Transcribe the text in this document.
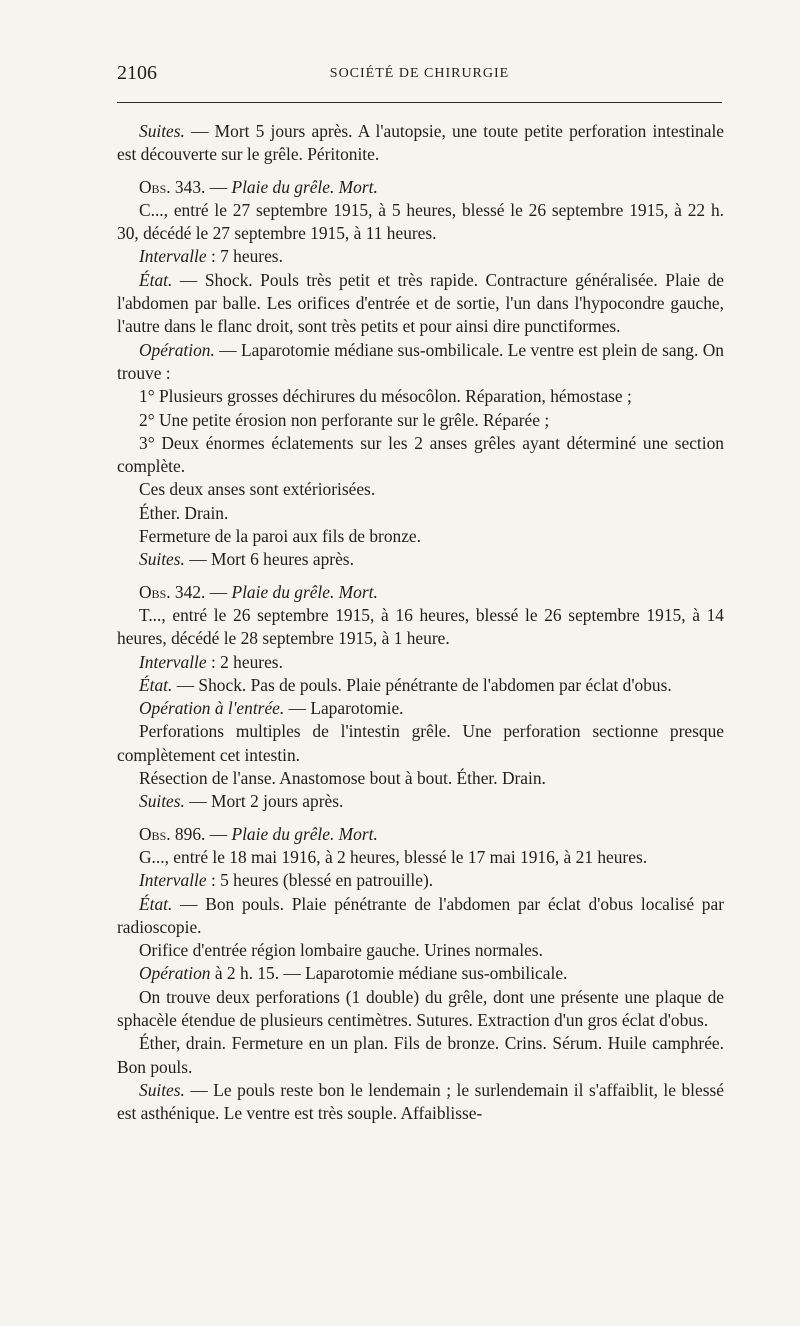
2106	SOCIÉTÉ DE CHIRURGIE

Suites. — Mort 5 jours après. A l'autopsie, une toute petite perforation intestinale est découverte sur le grêle. Péritonite.

Obs. 343. — Plaie du grêle. Mort.

C..., entré le 27 septembre 1915, à 5 heures, blessé le 26 septembre 1915, à 22 h. 30, décédé le 27 septembre 1915, à 11 heures.

Intervalle : 7 heures.

État. — Shock. Pouls très petit et très rapide. Contracture généralisée. Plaie de l'abdomen par balle. Les orifices d'entrée et de sortie, l'un dans l'hypocondre gauche, l'autre dans le flanc droit, sont très petits et pour ainsi dire punctiformes.

Opération. — Laparotomie médiane sus-ombilicale. Le ventre est plein de sang. On trouve :

1° Plusieurs grosses déchirures du mésocôlon. Réparation, hémostase ;

2° Une petite érosion non perforante sur le grêle. Réparée ;

3° Deux énormes éclatements sur les 2 anses grêles ayant déterminé une section complète.

Ces deux anses sont extériorisées.

Éther. Drain.

Fermeture de la paroi aux fils de bronze.

Suites. — Mort 6 heures après.

Obs. 342. — Plaie du grêle. Mort.

T..., entré le 26 septembre 1915, à 16 heures, blessé le 26 septembre 1915, à 14 heures, décédé le 28 septembre 1915, à 1 heure.

Intervalle : 2 heures.

État. — Shock. Pas de pouls. Plaie pénétrante de l'abdomen par éclat d'obus.

Opération à l'entrée. — Laparotomie.

Perforations multiples de l'intestin grêle. Une perforation sectionne presque complètement cet intestin.

Résection de l'anse. Anastomose bout à bout. Éther. Drain.

Suites. — Mort 2 jours après.

Obs. 896. — Plaie du grêle. Mort.

G..., entré le 18 mai 1916, à 2 heures, blessé le 17 mai 1916, à 21 heures.

Intervalle : 5 heures (blessé en patrouille).

État. — Bon pouls. Plaie pénétrante de l'abdomen par éclat d'obus localisé par radioscopie.

Orifice d'entrée région lombaire gauche. Urines normales.

Opération à 2 h. 15. — Laparotomie médiane sus-ombilicale.

On trouve deux perforations (1 double) du grêle, dont une présente une plaque de sphacèle étendue de plusieurs centimètres. Sutures. Extraction d'un gros éclat d'obus.

Éther, drain. Fermeture en un plan. Fils de bronze. Crins. Sérum. Huile camphrée. Bon pouls.

Suites. — Le pouls reste bon le lendemain ; le surlendemain il s'affaiblit, le blessé est asthénique. Le ventre est très souple. Affaiblisse-
